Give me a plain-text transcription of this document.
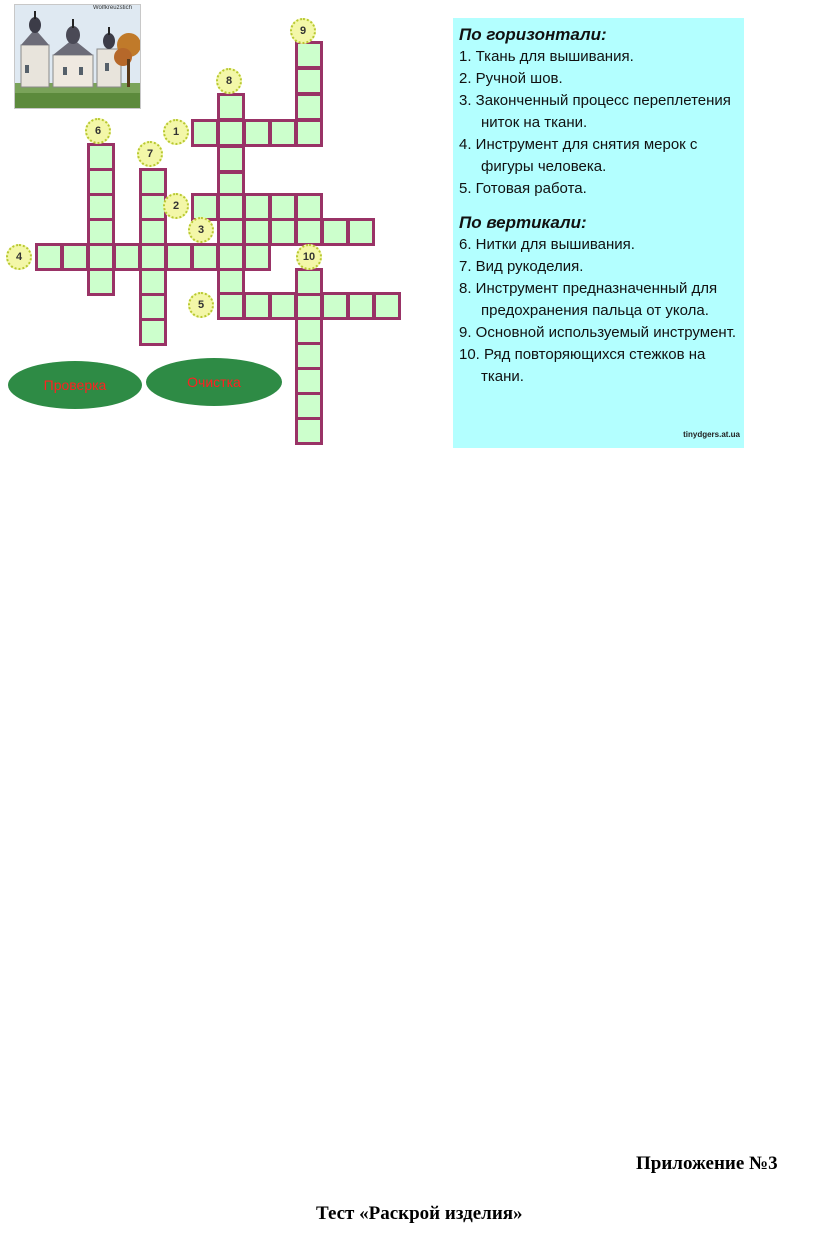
Wolfkreuzstich
1
2
3
4
5
6
7
8
9
10
Проверка	Очистка
По горизонтали:
1. Ткань для вышивания.
2. Ручной шов.
3. Законченный процесс переплетения ниток на ткани.
4. Инструмент для снятия мерок с фигуры человека.
5. Готовая работа.
По вертикали:
6. Нитки для вышивания.
7. Вид рукоделия.
8. Инструмент предназначенный для предохранения пальца от укола.
9. Основной используемый инструмент.
10. Ряд повторяющихся стежков на ткани.
tinydgers.at.ua
Приложение №3
Тест «Раскрой изделия»
